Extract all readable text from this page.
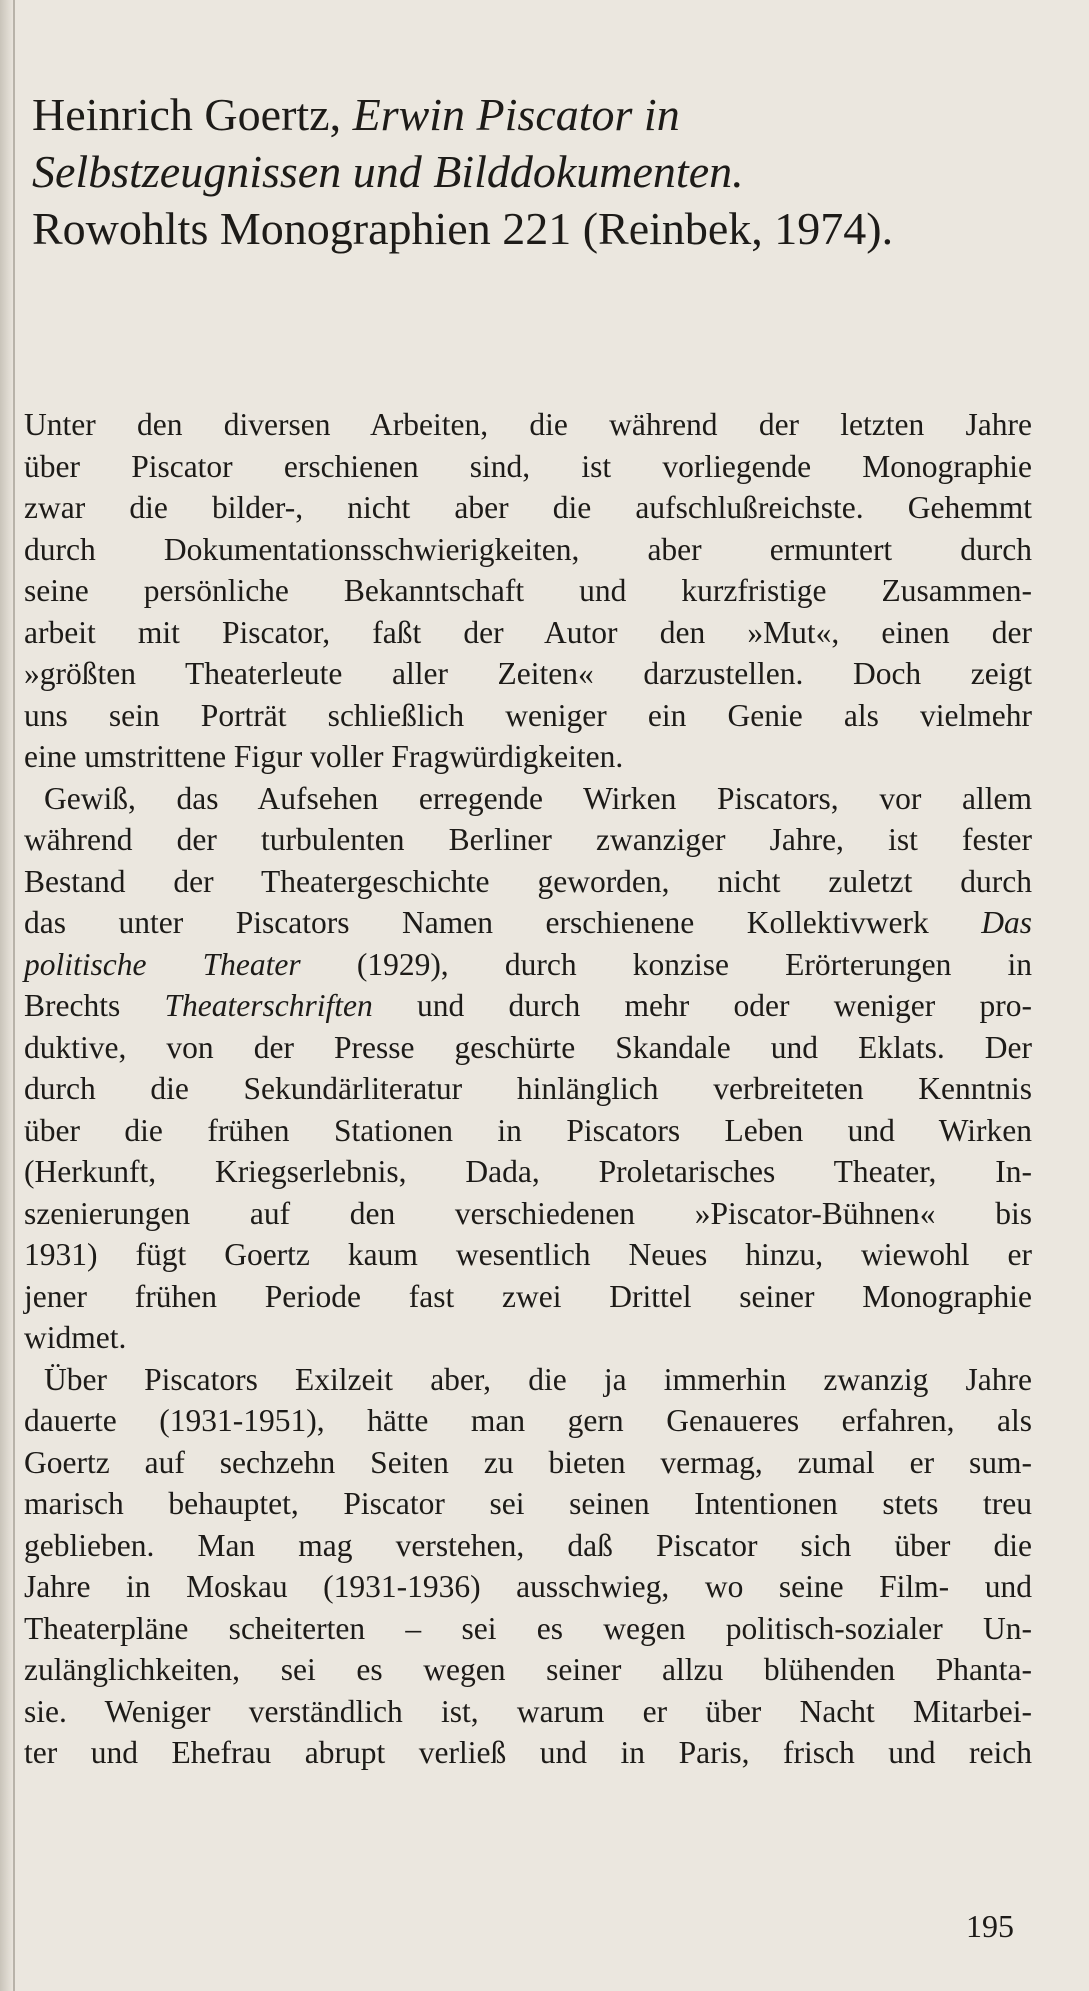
Heinrich Goertz, Erwin Piscator in
Selbstzeugnissen und Bilddokumenten.
Rowohlts Monographien 221 (Reinbek, 1974).
Unter den diversen Arbeiten, die während der letzten Jahre
über Piscator erschienen sind, ist vorliegende Monographie
zwar die bilder-, nicht aber die aufschlußreichste. Gehemmt
durch Dokumentationsschwierigkeiten, aber ermuntert durch
seine persönliche Bekanntschaft und kurzfristige Zusammen-
arbeit mit Piscator, faßt der Autor den »Mut«, einen der
»größten Theaterleute aller Zeiten« darzustellen. Doch zeigt
uns sein Porträt schließlich weniger ein Genie als vielmehr
eine umstrittene Figur voller Fragwürdigkeiten.
Gewiß, das Aufsehen erregende Wirken Piscators, vor allem
während der turbulenten Berliner zwanziger Jahre, ist fester
Bestand der Theatergeschichte geworden, nicht zuletzt durch
das unter Piscators Namen erschienene Kollektivwerk Das
politische Theater (1929), durch konzise Erörterungen in
Brechts Theaterschriften und durch mehr oder weniger pro-
duktive, von der Presse geschürte Skandale und Eklats. Der
durch die Sekundärliteratur hinlänglich verbreiteten Kenntnis
über die frühen Stationen in Piscators Leben und Wirken
(Herkunft, Kriegserlebnis, Dada, Proletarisches Theater, In-
szenierungen auf den verschiedenen »Piscator-Bühnen« bis
1931) fügt Goertz kaum wesentlich Neues hinzu, wiewohl er
jener frühen Periode fast zwei Drittel seiner Monographie
widmet.
Über Piscators Exilzeit aber, die ja immerhin zwanzig Jahre
dauerte (1931-1951), hätte man gern Genaueres erfahren, als
Goertz auf sechzehn Seiten zu bieten vermag, zumal er sum-
marisch behauptet, Piscator sei seinen Intentionen stets treu
geblieben. Man mag verstehen, daß Piscator sich über die
Jahre in Moskau (1931-1936) ausschwieg, wo seine Film- und
Theaterpläne scheiterten – sei es wegen politisch-sozialer Un-
zulänglichkeiten, sei es wegen seiner allzu blühenden Phanta-
sie. Weniger verständlich ist, warum er über Nacht Mitarbei-
ter und Ehefrau abrupt verließ und in Paris, frisch und reich
195
